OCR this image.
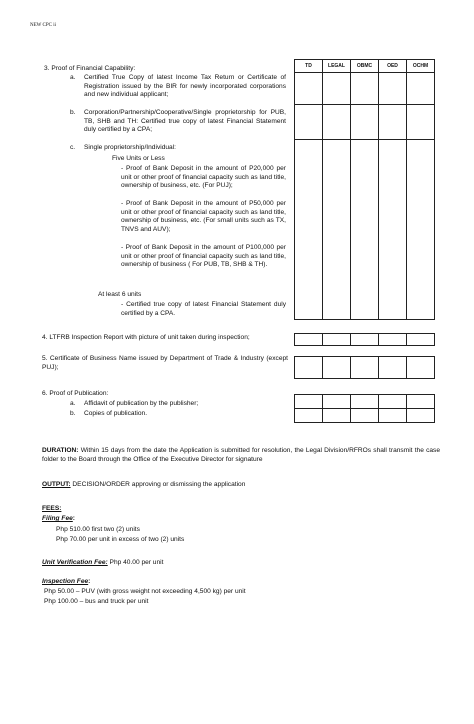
NEW CPC ii
TD	LEGAL	OBMC	OED	OCHM

3. Proof of Financial Capability:
a. Certified True Copy of latest Income Tax Return or Certificate of Registration issued by the BIR for newly incorporated corporations and new individual applicant;
b. Corporation/Partnership/Cooperative/Single proprietorship for PUB, TB, SHB and TH: Certified true copy of latest Financial Statement duly certified by a CPA;
c. Single proprietorship/Individual:
Five Units or Less
- Proof of Bank Deposit in the amount of P20,000 per unit or other proof of financial capacity such as land title, ownership of business, etc. (For PUJ);
- Proof of Bank Deposit in the amount of P50,000 per unit or other proof of financial capacity such as land title, ownership of business, etc. (For small units such as TX, TNVS and AUV);
- Proof of Bank Deposit in the amount of P100,000 per unit or other proof of financial capacity such as land title, ownership of business ( For PUB, TB, SHB & TH).
At least 6 units
- Certified true copy of latest Financial Statement duly certified by a CPA.

4. LTFRB Inspection Report with picture of unit taken during inspection;

5. Certificate of Business Name issued by Department of Trade & Industry (except PUJ);

6. Proof of Publication:
a. Affidavit of publication by the publisher;
b. Copies of publication.
DURATION: Within 15 days from the date the Application is submitted for resolution, the Legal Division/RFROs shall transmit the case folder to the Board through the Office of the Executive Director for signature
OUTPUT: DECISION/ORDER approving or dismissing the application
FEES:
Filing Fee:
Php 510.00 first two (2) units
Php 70.00 per unit in excess of two (2) units
Unit Verification Fee: Php 40.00 per unit
Inspection Fee:
Php 50.00 – PUV (with gross weight not exceeding 4,500 kg) per unit
Php 100.00 – bus and truck per unit
